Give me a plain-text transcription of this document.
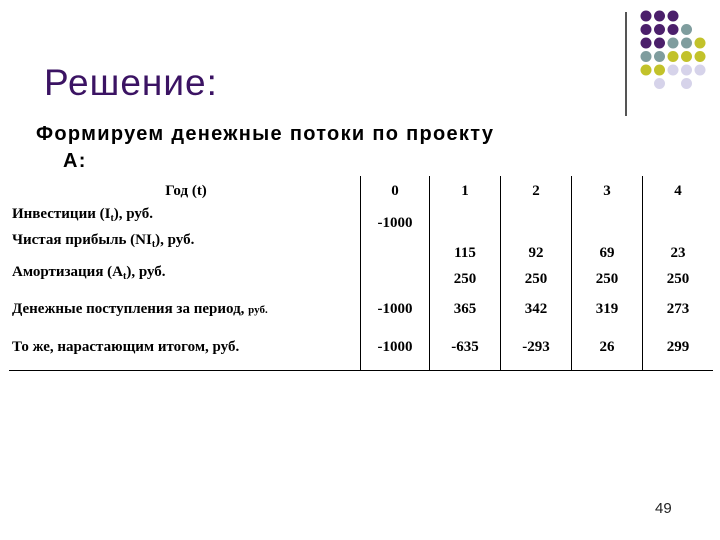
Решение:
Формируем денежные потоки по проекту
А:
Год (t)	0	1	2	3	4
Инвестиции $(I_t)$, руб.	-1000				
Чистая прибыль $(NI_t)$, руб.		115	92	69	23
Амортизация $(A_t)$, руб.		250	250	250	250
Денежные поступления за период, руб.	-1000	365	342	319	273
То же, нарастающим итогом, руб.	-1000	-635	-293	26	299
49
